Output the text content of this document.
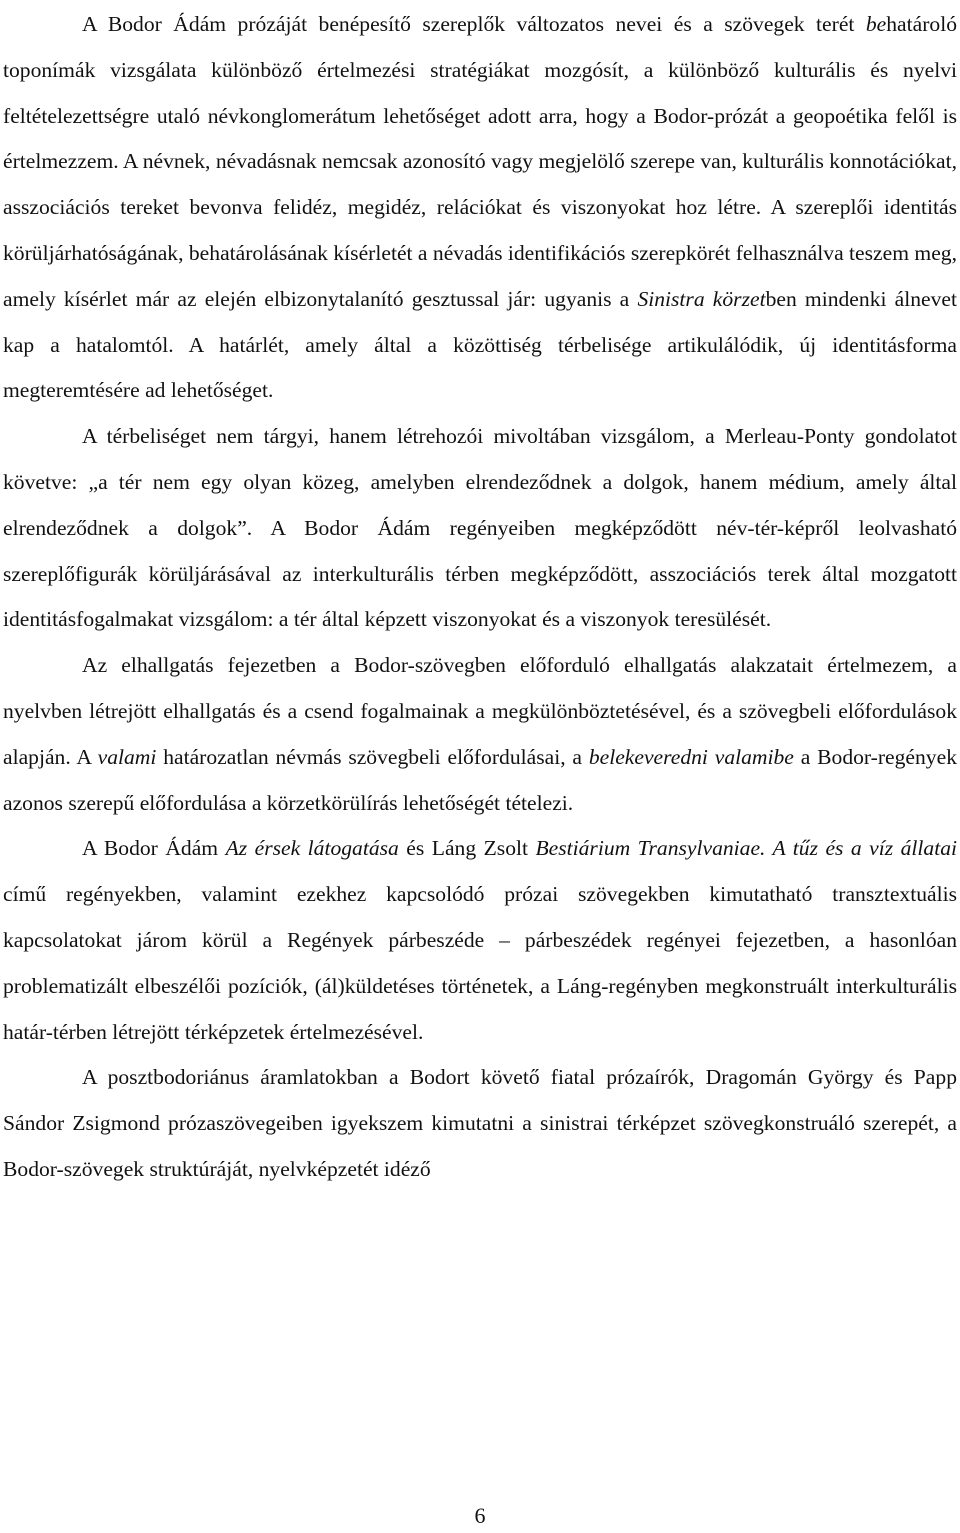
A Bodor Ádám prózáját benépesítő szereplők változatos nevei és a szövegek terét behatároló toponímák vizsgálata különböző értelmezési stratégiákat mozgósít, a különböző kulturális és nyelvi feltételezettségre utaló névkonglomerátum lehetőséget adott arra, hogy a Bodor-prózát a geopoétika felől is értelmezzem. A névnek, névadásnak nemcsak azonosító vagy megjelölő szerepe van, kulturális konnotációkat, asszociációs tereket bevonva felidéz, megidéz, relációkat és viszonyokat hoz létre. A szereplői identitás körüljárhatóságának, behatárolásának kísérletét a névadás identifikációs szerepkörét felhasználva teszem meg, amely kísérlet már az elején elbizonytalanító gesztussal jár: ugyanis a Sinistra körzetben mindenki álnevet kap a hatalomtól. A határlét, amely által a közöttiség térbelisége artikulálódik, új identitásforma megteremtésére ad lehetőséget.

A térbeliséget nem tárgyi, hanem létrehozói mivoltában vizsgálom, a Merleau-Ponty gondolatot követve: „a tér nem egy olyan közeg, amelyben elrendeződnek a dolgok, hanem médium, amely által elrendeződnek a dolgok”. A Bodor Ádám regényeiben megképződött név-tér-képről leolvasható szereplőfigurák körüljárásával az interkulturális térben megképződött, asszociációs terek által mozgatott identitásfogalmakat vizsgálom: a tér által képzett viszonyokat és a viszonyok teresülését.

Az elhallgatás fejezetben a Bodor-szövegben előforduló elhallgatás alakzatait értelmezem, a nyelvben létrejött elhallgatás és a csend fogalmainak a megkülönböztetésével, és a szövegbeli előfordulások alapján. A valami határozatlan névmás szövegbeli előfordulásai, a belekeveredni valamibe a Bodor-regények azonos szerepű előfordulása a körzetkörülírás lehetőségét tételezi.

A Bodor Ádám Az érsek látogatása és Láng Zsolt Bestiárium Transylvaniae. A tűz és a víz állatai című regényekben, valamint ezekhez kapcsolódó prózai szövegekben kimutatható transztextuális kapcsolatokat járom körül a Regények párbeszéde – párbeszédek regényei fejezetben, a hasonlóan problematizált elbeszélői pozíciók, (ál)küldetéses történetek, a Láng-regényben megkonstruált interkulturális határ-térben létrejött térképzetek értelmezésével.

A posztbodoriánus áramlatokban a Bodort követő fiatal prózaírók, Dragomán György és Papp Sándor Zsigmond prózaszövegeiben igyekszem kimutatni a sinistrai térképzet szövegkonstruáló szerepét, a Bodor-szövegek struktúráját, nyelvképzetét idéző

6
